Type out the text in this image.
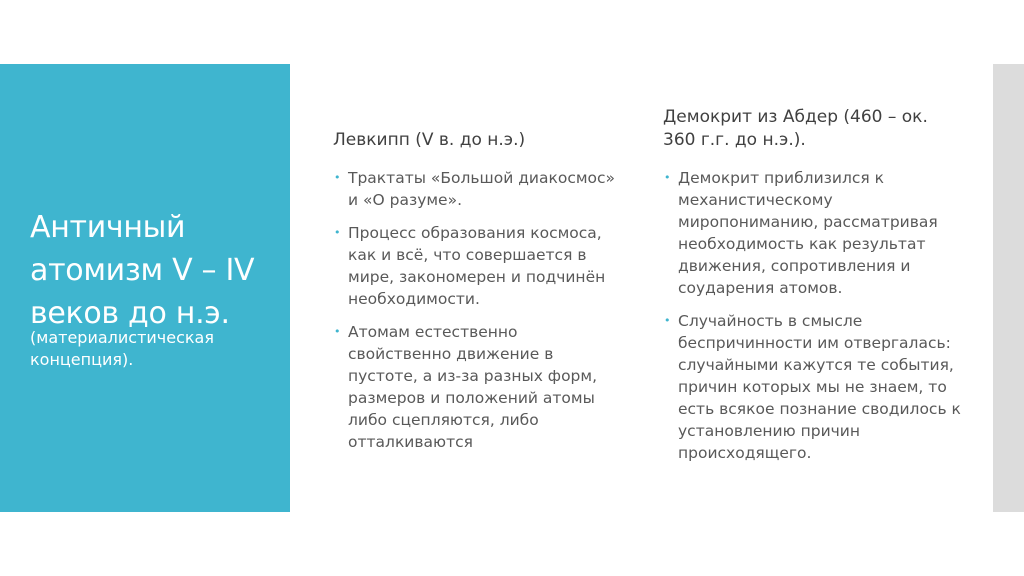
Античный атомизм V – IV веков до н.э.
(материалистическая концепция).
Левкипп (V в. до н.э.)
• Трактаты «Большой диакосмос» и «О разуме».
• Процесс образования космоса, как и всё, что совершается в мире, закономерен и подчинён необходимости.
• Атомам естественно свойственно движение в пустоте, а из-за разных форм, размеров и положений атомы либо сцепляются, либо отталкиваются
Демокрит из Абдер (460 – ок. 360 г.г. до н.э.).
• Демокрит приблизился к механистическому миропониманию, рассматривая необходимость как результат движения, сопротивления и соударения атомов.
• Случайность в смысле беспричинности им отвергалась: случайными кажутся те события, причин которых мы не знаем, то есть всякое познание сводилось к установлению причин происходящего.
